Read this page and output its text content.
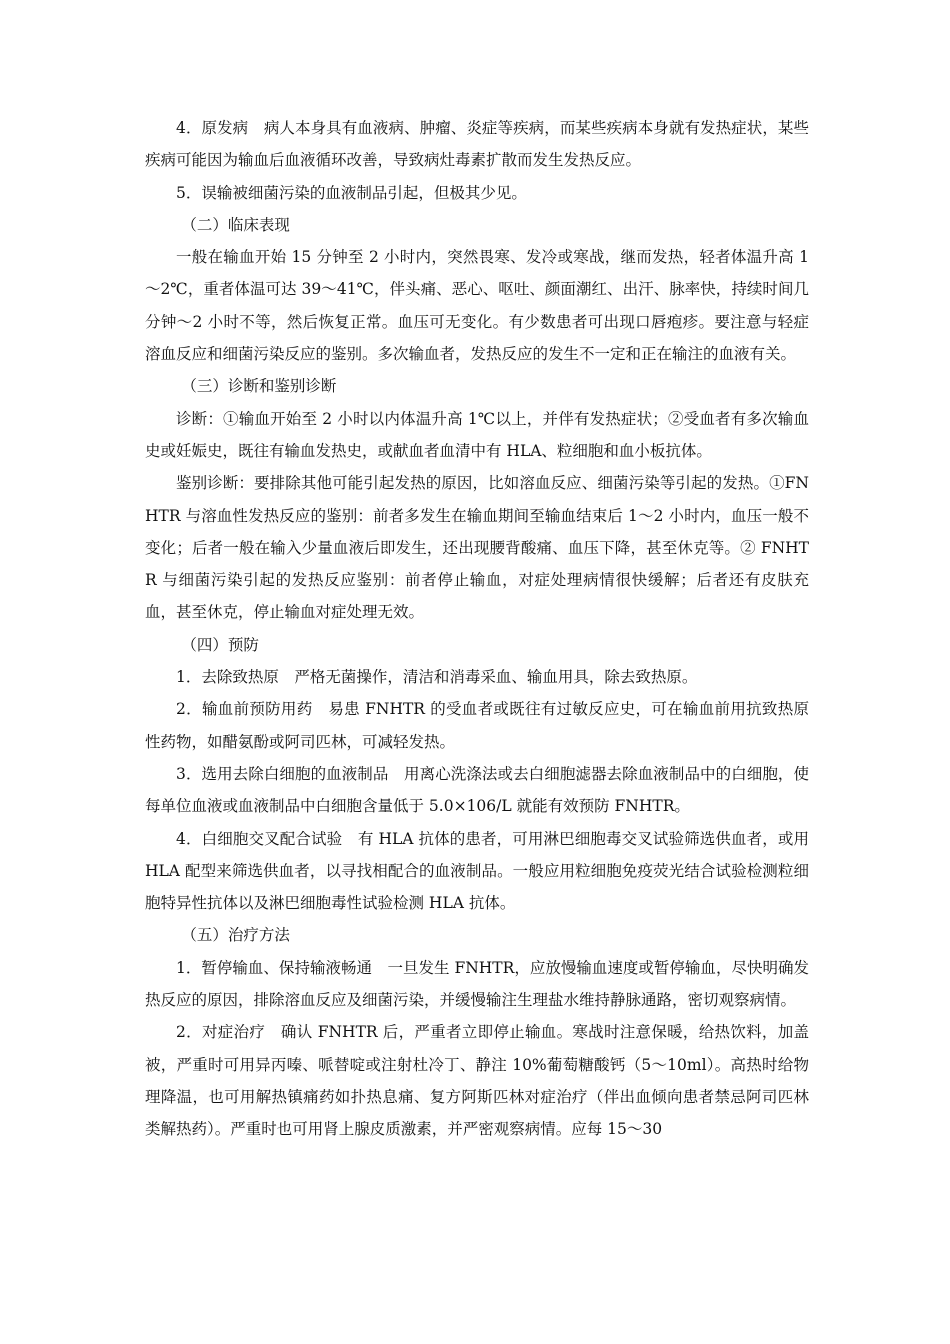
4．原发病　病人本身具有血液病、肿瘤、炎症等疾病，而某些疾病本身就有发热症状，某些疾病可能因为输血后血液循环改善，导致病灶毒素扩散而发生发热反应。

5．误输被细菌污染的血液制品引起，但极其少见。

（二）临床表现

一般在输血开始 15 分钟至 2 小时内，突然畏寒、发冷或寒战，继而发热，轻者体温升高 1～2℃，重者体温可达 39～41℃，伴头痛、恶心、呕吐、颜面潮红、出汗、脉率快，持续时间几分钟～2 小时不等，然后恢复正常。血压可无变化。有少数患者可出现口唇疱疹。要注意与轻症溶血反应和细菌污染反应的鉴别。多次输血者，发热反应的发生不一定和正在输注的血液有关。

（三）诊断和鉴别诊断

诊断：①输血开始至 2 小时以内体温升高 1℃以上，并伴有发热症状；②受血者有多次输血史或妊娠史，既往有输血发热史，或献血者血清中有 HLA、粒细胞和血小板抗体。

鉴别诊断：要排除其他可能引起发热的原因，比如溶血反应、细菌污染等引起的发热。①FNHTR 与溶血性发热反应的鉴别：前者多发生在输血期间至输血结束后 1～2 小时内，血压一般不变化；后者一般在输入少量血液后即发生，还出现腰背酸痛、血压下降，甚至休克等。② FNHTR 与细菌污染引起的发热反应鉴别：前者停止输血，对症处理病情很快缓解；后者还有皮肤充血，甚至休克，停止输血对症处理无效。

（四）预防

1．去除致热原　严格无菌操作，清洁和消毒采血、输血用具，除去致热原。

2．输血前预防用药　易患 FNHTR 的受血者或既往有过敏反应史，可在输血前用抗致热原性药物，如醋氨酚或阿司匹林，可减轻发热。

3．选用去除白细胞的血液制品　用离心洗涤法或去白细胞滤器去除血液制品中的白细胞，使每单位血液或血液制品中白细胞含量低于 5.0×106/L 就能有效预防 FNHTR。

4．白细胞交叉配合试验　有 HLA 抗体的患者，可用淋巴细胞毒交叉试验筛选供血者，或用 HLA 配型来筛选供血者，以寻找相配合的血液制品。一般应用粒细胞免疫荧光结合试验检测粒细胞特异性抗体以及淋巴细胞毒性试验检测 HLA 抗体。

（五）治疗方法

1．暂停输血、保持输液畅通　一旦发生 FNHTR，应放慢输血速度或暂停输血，尽快明确发热反应的原因，排除溶血反应及细菌污染，并缓慢输注生理盐水维持静脉通路，密切观察病情。

2．对症治疗　确认 FNHTR 后，严重者立即停止输血。寒战时注意保暖，给热饮料，加盖被，严重时可用异丙嗪、哌替啶或注射杜冷丁、静注 10%葡萄糖酸钙（5～10ml）。高热时给物理降温，也可用解热镇痛药如扑热息痛、复方阿斯匹林对症治疗（伴出血倾向患者禁忌阿司匹林类解热药）。严重时也可用肾上腺皮质激素，并严密观察病情。应每 15～30
